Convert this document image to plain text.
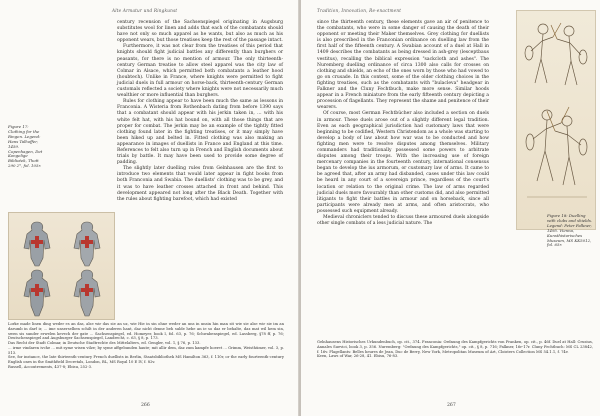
Alte Armatur und Ringkunst

century recension of the Sachsenspiegel originating in Augsburg substitutes wool for linen and adds that each of the combatants should have not only so much apparel as he wants, but also as much as his opponent wears, but those treatises keep the rest of the passage intact.

Furthermore, it was not clear from the treatises of this period that knights should fight judicial battles any differently than burghers or peasants, for there is no mention of armour. The only thirteenth-century German treatise to allow steel apparel was the city law of Colmar in Alsace, which permitted both combatants a leather hood (houbtech). Unlike in France, where knights were permitted to fight judicial duels in full armour on horse-back, thirteenth-century German customals reflected a society where knights were not necessarily much wealthier or more influential than burghers.

Rules for clothing appear to have been much the same as lessons in Franconia. A Wisteria from Rothenbach dating from before 1390 says that a combatant should appear with his jerkin taken in, ... with his white felt hat, with his hat bound on, with all those things that are proper for combat. The jerkin may be an example of the tightly fitted clothing found later in the fighting treatises, or it may simply have been hiked up and belted in. Fitted clothing was also making an appearance in images of duellists in France and England at this time. References to felt also turn up in French and English documents about trials by battle. It may have been used to provide some degree of padding.

The slightly later duelling rules from Gelnhausen are the first to introduce two elements that would later appear in fight books from both Franconia and Swabia. The duellists' clothing was to be grey, and it was to have leather crosses attached in front and behind. This development appeared not long after the Black Death. Together with the rules about fighting barefoot, which had existed

Figure 17: Clothing for the Ringen. Legend: Hans Talhoffer, 1459. Copenhagen, Det Kongelige Bibliotek, Thott 290 2°, fol. 105r.

Lorke made linen ding weder es an das, alse wir das sie an uz, wie Hie in sin ohne weder an uns in unsin hin man sit wie sie alse wir sie im an darumb in darf ir, ... ime unserselben schilt in der anderen hant, daz nicht denne beh sulde hebe an ie so daz er behalte, daz mat wil hem sin, swen sis sunder erwelen kevech der gate ... Sachsenspiegel, ed. Homeyer, book I, fol. 63, p. 76; Schwabenspiegel, ed. Lassberg, §78 ff, p. 76; Deutschenspiegel and Augsburger Sachsenspiegel, Landrecht, c. 63, § 8, p. 173.

Das Recht der Stadt Colmar, in Deutsche Stadtrechte des Mittelalters, ed. Gengler, vol. 1, § 76, p. 133.

... irme vindaren ivche ... mit syme wisen vilze; by syme affgebunden haute; mit allir dem, daz zum kampfe hoeret ... Grimm, Weisthümer, vol. 3, p. 513.

See, for instance, the late thirteenth-century French duellists in Berlin, Staatsbibliothek MS Hamilton 363, f. 110r, or the early fourteenth-century English ones in the Smithfield Decretals, London, BL, MS Royal 10 E IV, f. 82v.

Russell, Accoutrements, 437-8; Ebisu, 252-3.

266
Tradition, Innovation, Re-enactment

since the thirteenth century, these elements gave an air of penitence to the combatants, who were in some danger of causing the death of their opponent or meeting their Maker themselves. Grey clothing for duellists is also prescribed in the Franconian ordinance on duelling law from the first half of the fifteenth century. A Swabian account of a duel at Hall in 1409 describes the combatants as being dressed in ash-grey (lesceptbaus vestitus), recalling the biblical expression "sackcloth and ashes". The Nuremberg duelling ordinance of circa 1300 also calls for crosses on clothing and shields, an echo of the ones worn by those who had vowed to go on crusade. In this context, some of the older clothing choices in the fighting treatises, such as the combatants with "bulacleva" headgear in Falkner and the Cluny Fechtbuch, make more sense. Similar hoods appear in a French miniature from the early fifteenth century depicting a procession of flagellants. They represent the shame and penitence of their wearers.

Of course, most German Fechtbücher also included a section on duels in armour. These duels arose out of a slightly different legal tradition. Even as each geographical jurisdiction had customary laws that were beginning to be codified, Western Christendom as a whole was starting to develop a body of law about how war was to be conducted and how fighting men were to resolve disputes among themselves. Military commanders had traditionally possessed some powers to arbitrate disputes among their troops. With the increasing use of foreign mercenary companies in the fourteenth century, international consensus began to develop the ius armorum, or customary law of arms. It came to be agreed that, after an army had disbanded, cases under this law could be heard in any court of a sovereign prince, regardless of the court's location or relation to the original crime. The law of arms regarded judicial duels more favourably than other customs did, and also permitted litigants to fight their battles in armour and on horseback, since all participants were already men at arms, and often aristocrats, who possessed such equipment already.

Medieval chroniclers tended to discuss these armoured duels alongside other single combats of a less judicial nature. The

Figure 18: Duelling with clubs and shields. Legend: Peter Falkner, 1495. Vienna, Kunsthistorisches Museum, MS KK5012, fol. 65r.

Gelnhausens Historisches Urkundenbuch, op. cit., 374. Franconia: Ordnung des Kampfgerichts von Franken, op. cit., p. 46f. Duel at Hall: Crusius, Annales Suevici, book 3, p. 356. Nuremberg: "Ordnung des Kampfgerichts," op. cit., § 8, p. 716; Falkner, 16r-17r. Cluny Fechtbuch: MS CL 23842, f. 16v. Flagellants: Belles heures de Jean, Duc de Berry, New York, Metropolitan Museum of Art, Cloisters Collection MS 54.1.1, f. 74v.

Keen, Laws of War, 26-28, 41. Ebisu, 76-83.

267
